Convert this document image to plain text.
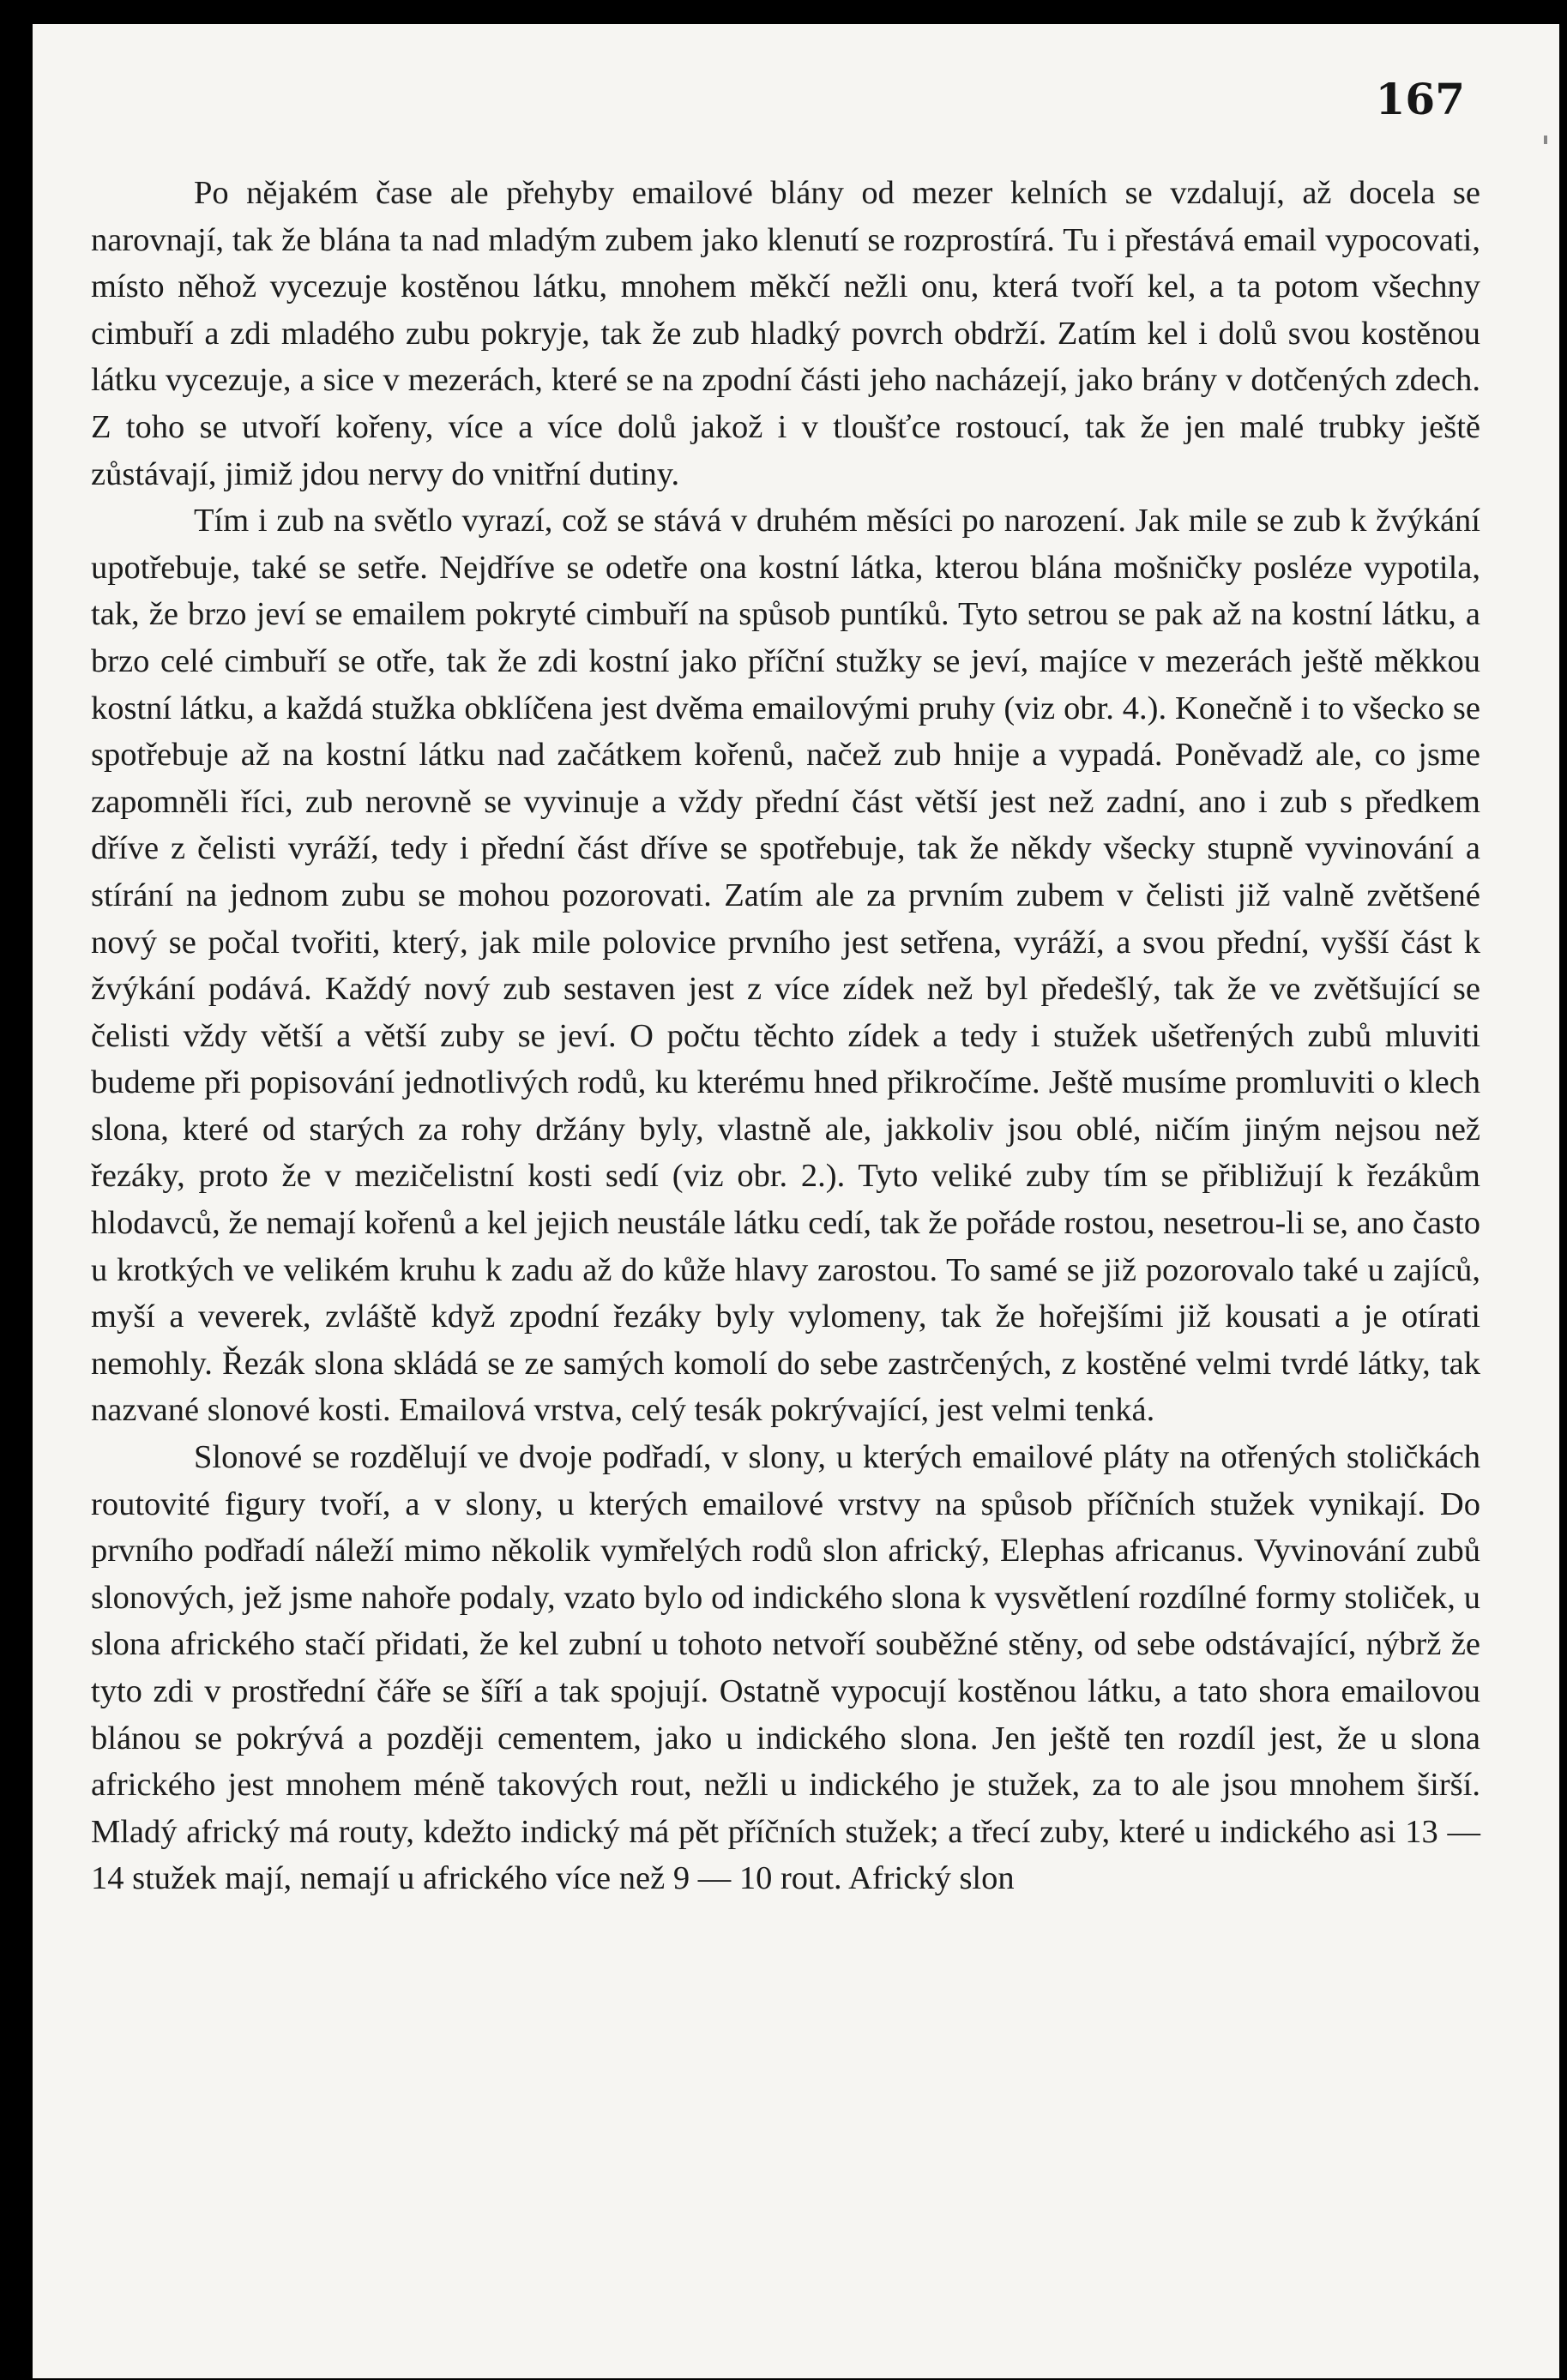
167

Po nějakém čase ale přehyby emailové blány od mezer kelních se vzdalují, až docela se narovnají, tak že blána ta nad mladým zubem jako klenutí se rozprostírá. Tu i přestává email vypocovati, místo něhož vycezuje kostěnou látku, mnohem měkčí nežli onu, která tvoří kel, a ta potom všechny cimbuří a zdi mladého zubu pokryje, tak že zub hladký povrch obdrží. Zatím kel i dolů svou kostěnou látku vycezuje, a sice v mezerách, které se na zpodní části jeho nacházejí, jako brány v dotčených zdech. Z toho se utvoří kořeny, více a více dolů jakož i v tloušťce rostoucí, tak že jen malé trubky ještě zůstávají, jimiž jdou nervy do vnitřní dutiny.

Tím i zub na světlo vyrazí, což se stává v druhém měsíci po narození. Jak mile se zub k žvýkání upotřebuje, také se setře. Nejdříve se odetře ona kostní látka, kterou blána mošničky posléze vypotila, tak, že brzo jeví se emailem pokryté cimbuří na spůsob puntíků. Tyto setrou se pak až na kostní látku, a brzo celé cimbuří se otře, tak že zdi kostní jako příční stužky se jeví, majíce v mezerách ještě měkkou kostní látku, a každá stužka obklíčena jest dvěma emailovými pruhy (viz obr. 4.). Konečně i to všecko se spotřebuje až na kostní látku nad začátkem kořenů, načež zub hnije a vypadá. Poněvadž ale, co jsme zapomněli říci, zub nerovně se vyvinuje a vždy přední část větší jest než zadní, ano i zub s předkem dříve z čelisti vyráží, tedy i přední část dříve se spotřebuje, tak že někdy všecky stupně vyvinování a stírání na jednom zubu se mohou pozorovati. Zatím ale za prvním zubem v čelisti již valně zvětšené nový se počal tvořiti, který, jak mile polovice prvního jest setřena, vyráží, a svou přední, vyšší část k žvýkání podává. Každý nový zub sestaven jest z více zídek než byl předešlý, tak že ve zvětšující se čelisti vždy větší a větší zuby se jeví. O počtu těchto zídek a tedy i stužek ušetřených zubů mluviti budeme při popisování jednotlivých rodů, ku kterému hned přikročíme. Ještě musíme promluviti o klech slona, které od starých za rohy držány byly, vlastně ale, jakkoliv jsou oblé, ničím jiným nejsou než řezáky, proto že v mezičelistní kosti sedí (viz obr. 2.). Tyto veliké zuby tím se přibližují k řezákům hlodavců, že nemají kořenů a kel jejich neustále látku cedí, tak že pořáde rostou, nesetrou-li se, ano často u krotkých ve velikém kruhu k zadu až do kůže hlavy zarostou. To samé se již pozorovalo také u zajíců, myší a veverek, zvláště když zpodní řezáky byly vylomeny, tak že hořejšími již kousati a je otírati nemohly. Řezák slona skládá se ze samých komolí do sebe zastrčených, z kostěné velmi tvrdé látky, tak nazvané slonové kosti. Emailová vrstva, celý tesák pokrývající, jest velmi tenká.

Slonové se rozdělují ve dvoje podřadí, v slony, u kterých emailové pláty na otřených stoličkách routovité figury tvoří, a v slony, u kterých emailové vrstvy na spůsob příčních stužek vynikají. Do prvního podřadí náleží mimo několik vymřelých rodů slon africký, Elephas africanus. Vyvinování zubů slonových, jež jsme nahoře podaly, vzato bylo od indického slona k vysvětlení rozdílné formy stoliček, u slona afrického stačí přidati, že kel zubní u tohoto netvoří souběžné stěny, od sebe odstávající, nýbrž že tyto zdi v prostřední čáře se šíří a tak spojují. Ostatně vypocují kostěnou látku, a tato shora emailovou blánou se pokrývá a později cementem, jako u indického slona. Jen ještě ten rozdíl jest, že u slona afrického jest mnohem méně takových rout, nežli u indického je stužek, za to ale jsou mnohem širší. Mladý africký má routy, kdežto indický má pět příčních stužek; a třecí zuby, které u indického asi 13 — 14 stužek mají, nemají u afrického více než 9 — 10 rout. Africký slon
